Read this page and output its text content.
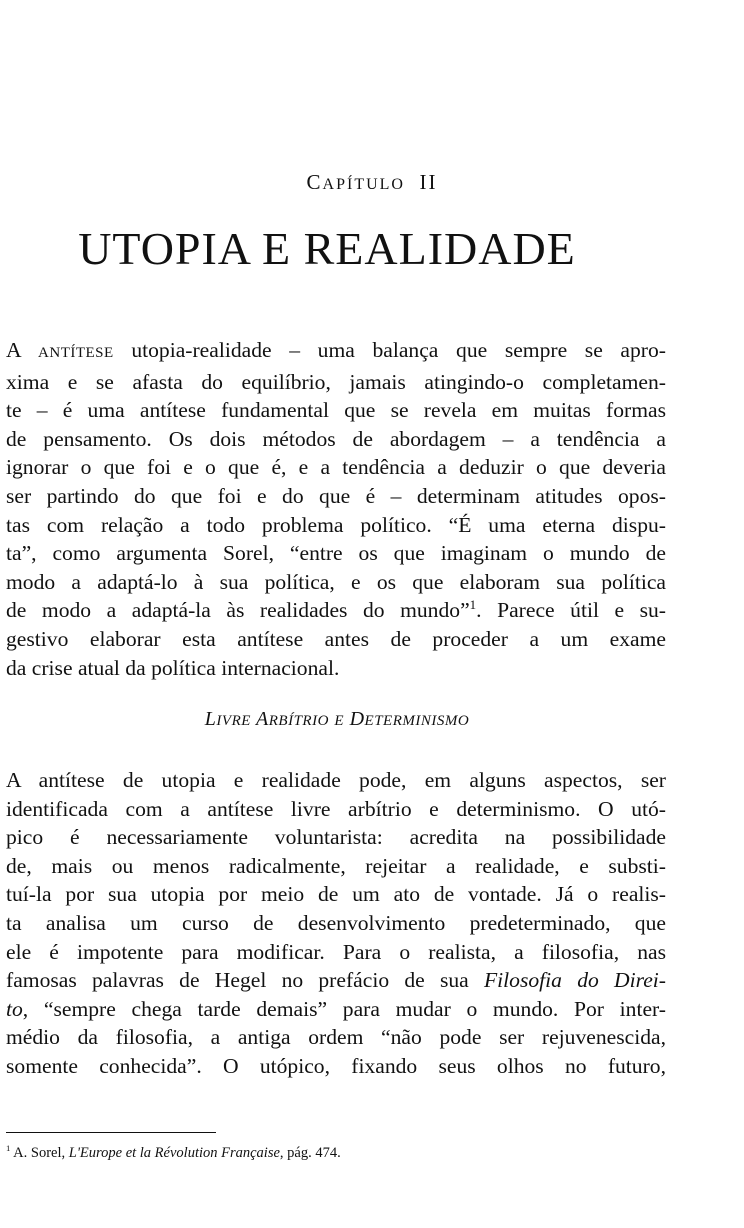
CAPÍTULO II
UTOPIA E REALIDADE
A ANTÍTESE utopia-realidade – uma balança que sempre se apro-
xima e se afasta do equilíbrio, jamais atingindo-o completamen-
te – é uma antítese fundamental que se revela em muitas formas
de pensamento. Os dois métodos de abordagem – a tendência a
ignorar o que foi e o que é, e a tendência a deduzir o que deveria
ser partindo do que foi e do que é – determinam atitudes opos-
tas com relação a todo problema político. “É uma eterna dispu-
ta”, como argumenta Sorel, “entre os que imaginam o mundo de
modo a adaptá-lo à sua política, e os que elaboram sua política
de modo a adaptá-la às realidades do mundo”$^1$. Parece útil e su-
gestivo elaborar esta antítese antes de proceder a um exame
da crise atual da política internacional.
LIVRE ARBÍTRIO E DETERMINISMO
A antítese de utopia e realidade pode, em alguns aspectos, ser
identificada com a antítese livre arbítrio e determinismo. O utó-
pico é necessariamente voluntarista: acredita na possibilidade
de, mais ou menos radicalmente, rejeitar a realidade, e substi-
tuí-la por sua utopia por meio de um ato de vontade. Já o realis-
ta analisa um curso de desenvolvimento predeterminado, que
ele é impotente para modificar. Para o realista, a filosofia, nas
famosas palavras de Hegel no prefácio de sua Filosofia do Direi-
to, “sempre chega tarde demais” para mudar o mundo. Por inter-
médio da filosofia, a antiga ordem “não pode ser rejuvenescida,
somente conhecida”. O utópico, fixando seus olhos no futuro,
$^1$ A. Sorel, L'Europe et la Révolution Française, pág. 474.
